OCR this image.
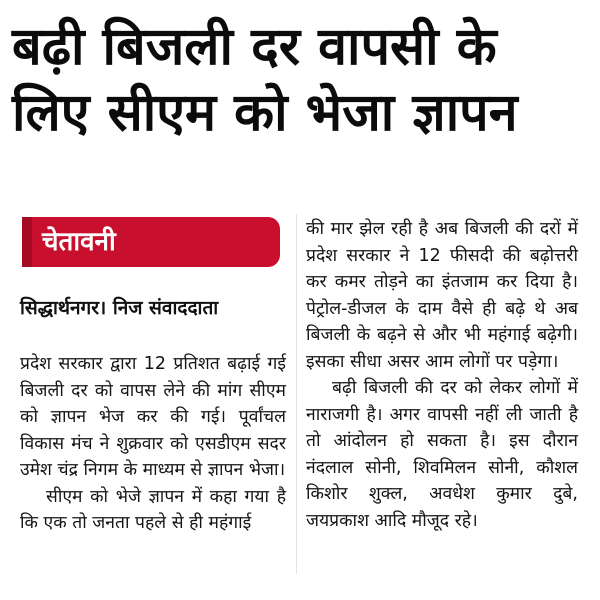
बढ़ी बिजली दर वापसी के
लिए सीएम को भेजा ज्ञापन
चेतावनी
सिद्धार्थनगर। निज संवाददाता

प्रदेश सरकार द्वारा 12 प्रतिशत बढ़ाई गई बिजली दर को वापस लेने की मांग सीएम को ज्ञापन भेज कर की गई। पूर्वांचल विकास मंच ने शुक्रवार को एसडीएम सदर उमेश चंद्र निगम के माध्यम से ज्ञापन भेजा।

सीएम को भेजे ज्ञापन में कहा गया है कि एक तो जनता पहले से ही महंगाई

की मार झेल रही है अब बिजली की दरों में प्रदेश सरकार ने 12 फीसदी की बढ़ोत्तरी कर कमर तोड़ने का इंतजाम कर दिया है। पेट्रोल-डीजल के दाम वैसे ही बढ़े थे अब बिजली के बढ़ने से और भी महंगाई बढ़ेगी। इसका सीधा असर आम लोगों पर पड़ेगा।

बढ़ी बिजली की दर को लेकर लोगों में नाराजगी है। अगर वापसी नहीं ली जाती है तो आंदोलन हो सकता है। इस दौरान नंदलाल सोनी, शिवमिलन सोनी, कौशल किशोर शुक्ल, अवधेश कुमार दुबे, जयप्रकाश आदि मौजूद रहे।
